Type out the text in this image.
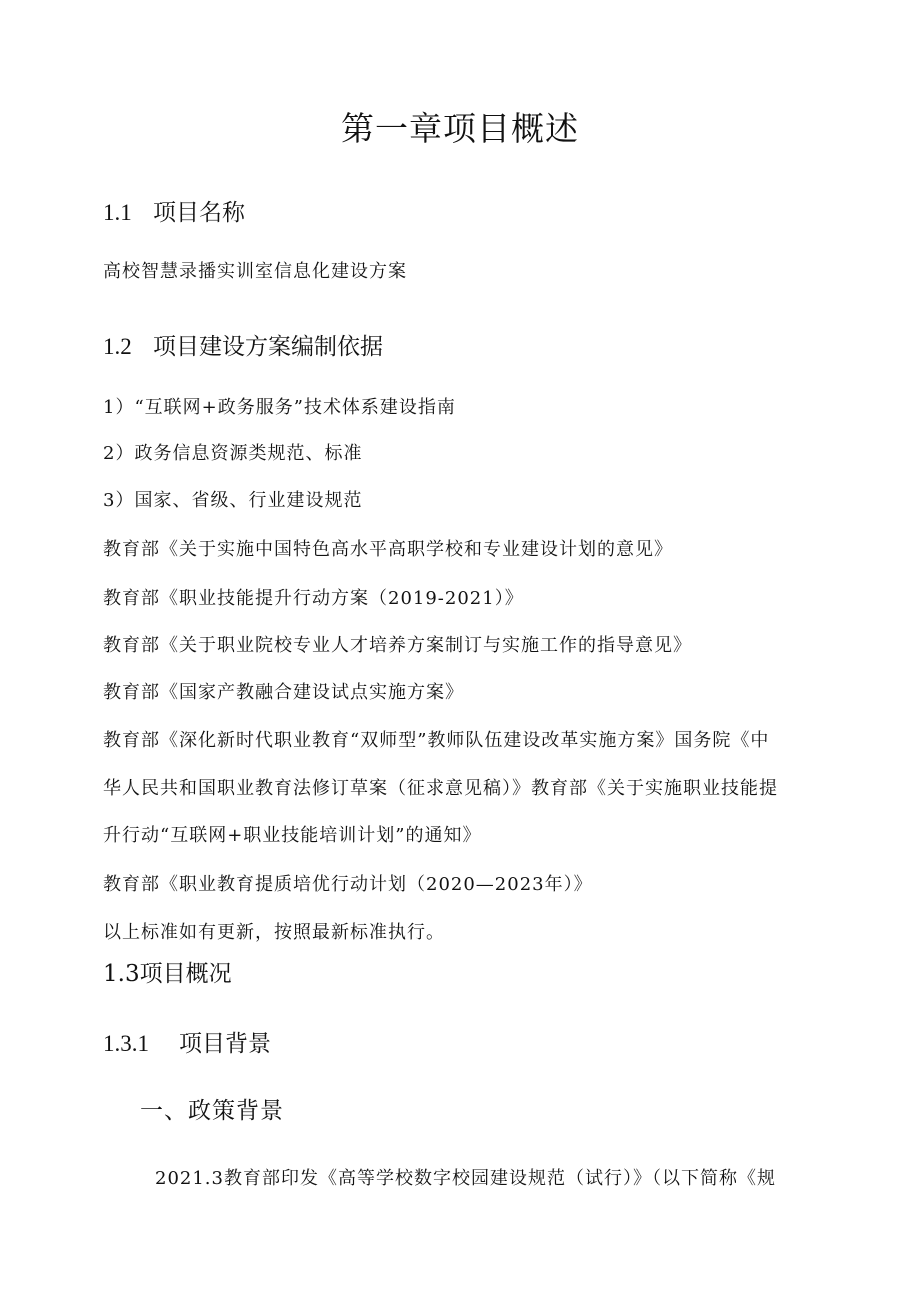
第一章项目概述
1.1 项目名称
高校智慧录播实训室信息化建设方案
1.2 项目建设方案编制依据
1）“互联网+政务服务”技术体系建设指南
2）政务信息资源类规范、标准
3）国家、省级、行业建设规范
教育部《关于实施中国特色高水平高职学校和专业建设计划的意见》
教育部《职业技能提升行动方案（2019-2021）》
教育部《关于职业院校专业人才培养方案制订与实施工作的指导意见》
教育部《国家产教融合建设试点实施方案》
教育部《深化新时代职业教育“双师型”教师队伍建设改革实施方案》国务院《中
华人民共和国职业教育法修订草案（征求意见稿）》教育部《关于实施职业技能提
升行动“互联网+职业技能培训计划”的通知》
教育部《职业教育提质培优行动计划（2020—2023年）》
以上标准如有更新，按照最新标准执行。
1.3项目概况
1.3.1 项目背景
一、政策背景
2021.3教育部印发《高等学校数字校园建设规范（试行）》（以下简称《规
